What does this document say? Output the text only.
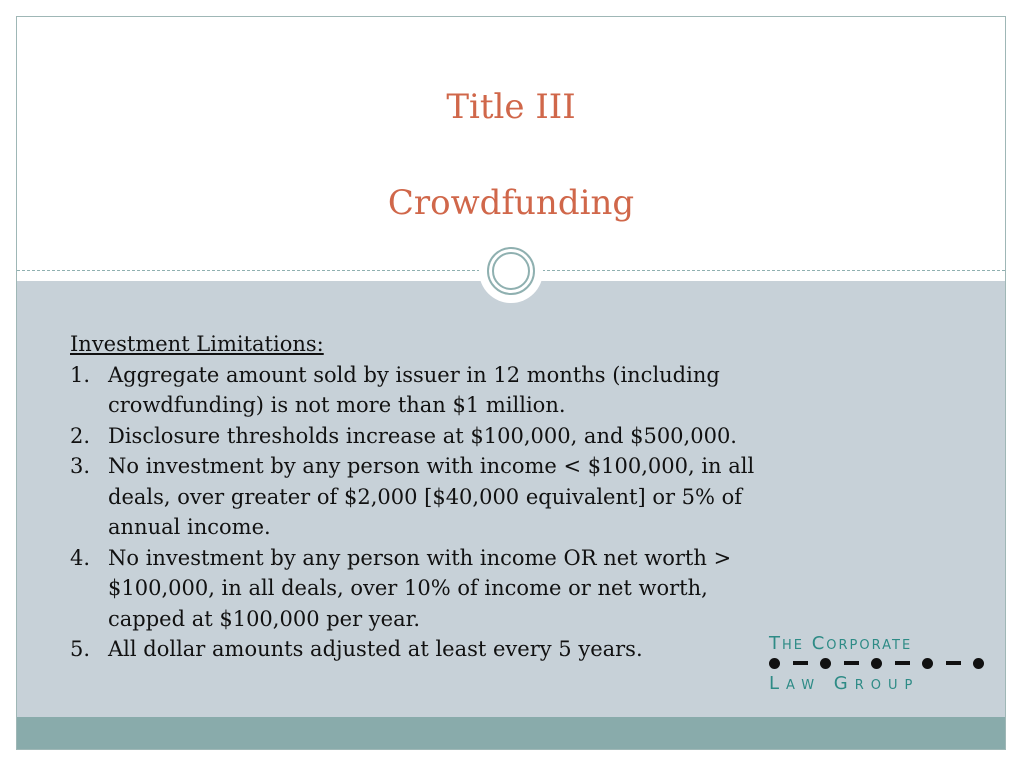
Title III
Crowdfunding
Investment Limitations:
1. Aggregate amount sold by issuer in 12 months (including crowdfunding) is not more than $1 million.
2. Disclosure thresholds increase at $100,000, and $500,000.
3. No investment by any person with income < $100,000, in all deals, over greater of $2,000 [$40,000 equivalent] or 5% of annual income.
4. No investment by any person with income OR net worth > $100,000, in all deals, over 10% of income or net worth, capped at $100,000 per year.
5. All dollar amounts adjusted at least every 5 years.	The Corporate
Law Group
